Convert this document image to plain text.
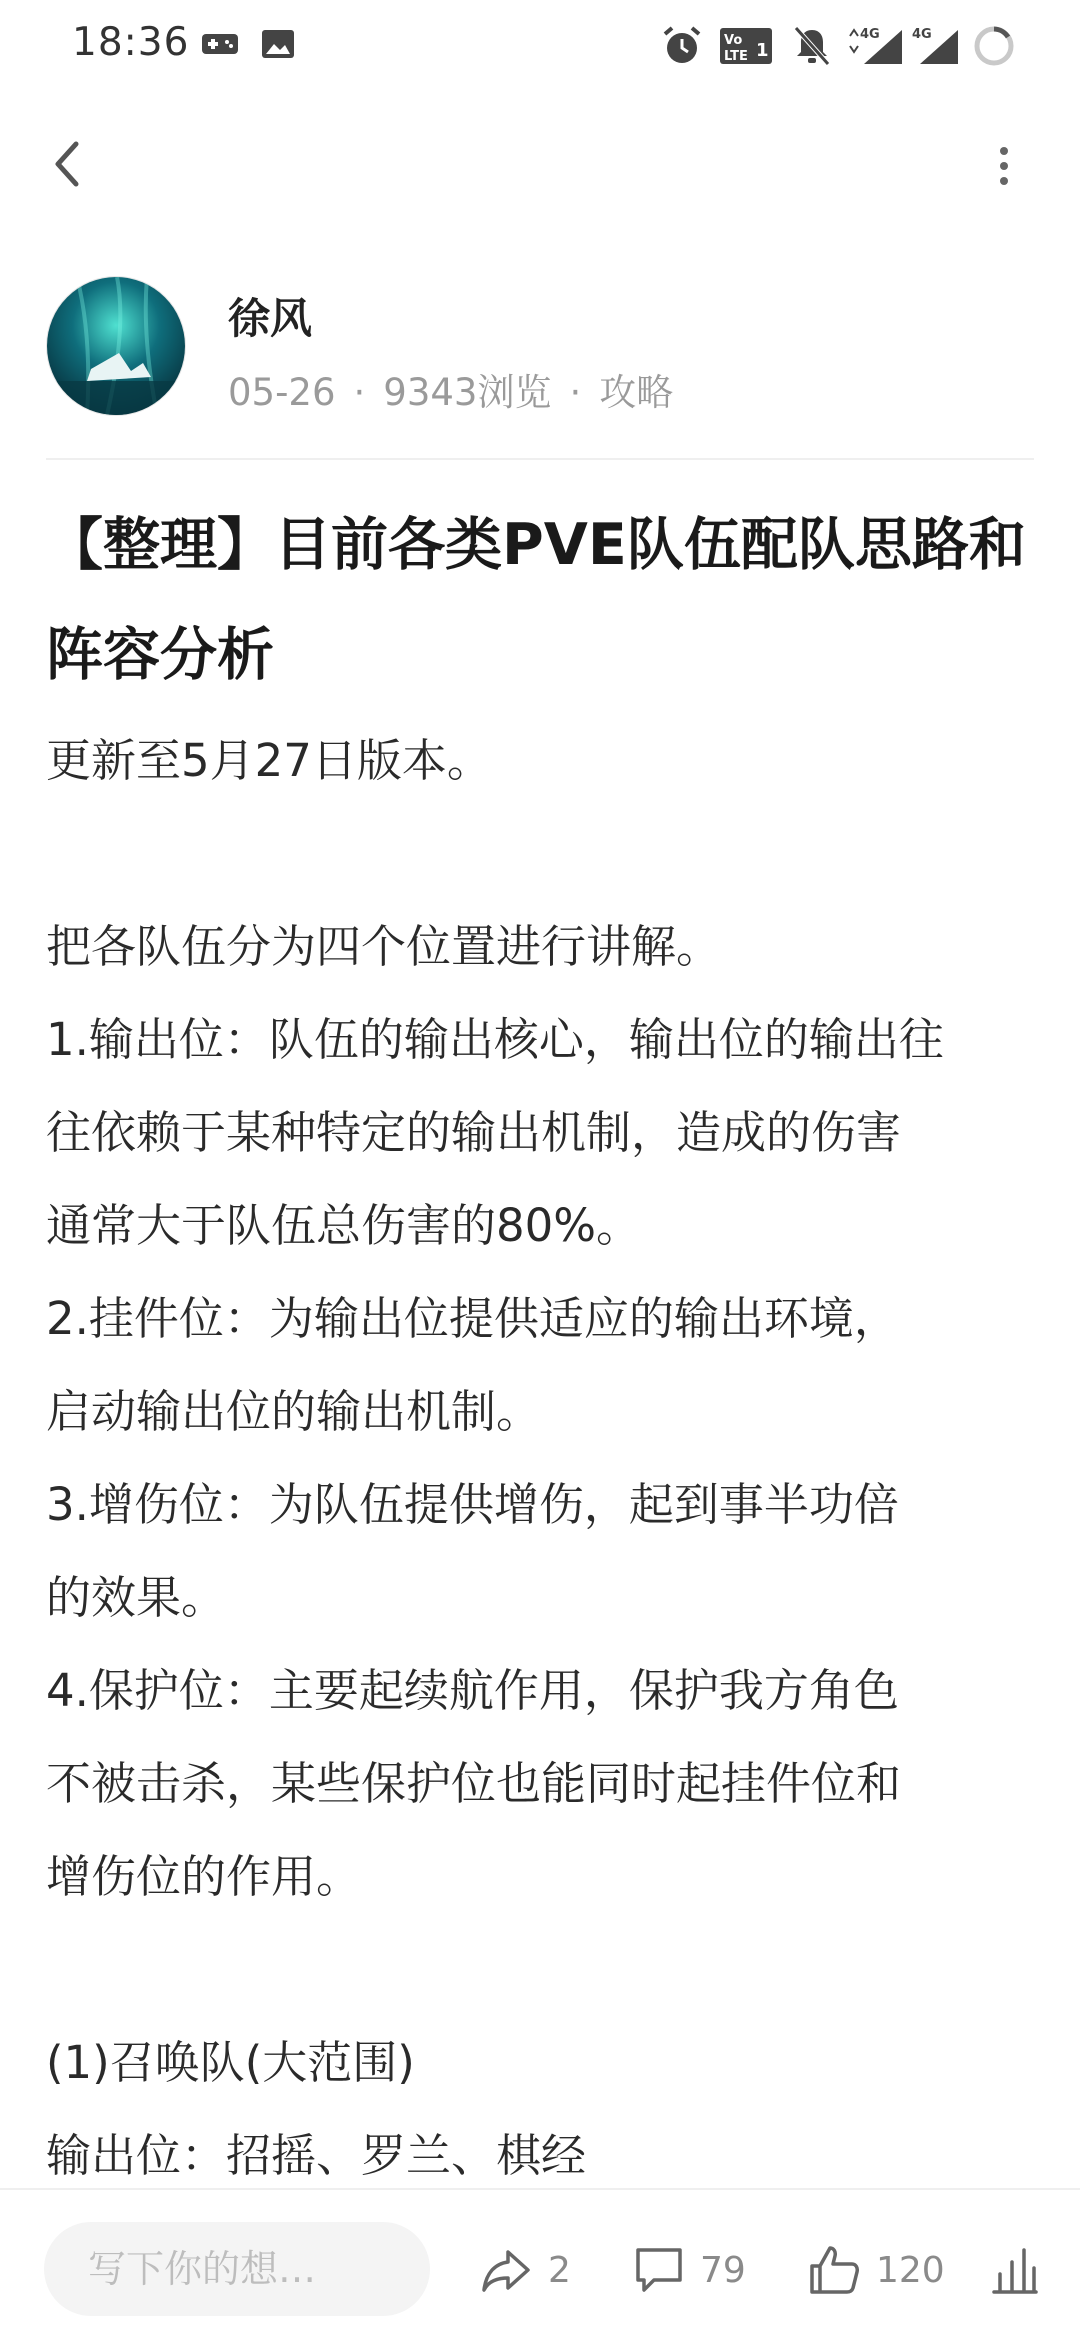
18:36	Vo
LTE 1
4G 4G
徐风
05-26 · 9343浏览 · 攻略
【整理】目前各类PVE队伍配队思路和阵容分析
更新至5月27日版本。
把各队伍分为四个位置进行讲解。
1.输出位：队伍的输出核心，输出位的输出往
往依赖于某种特定的输出机制，造成的伤害
通常大于队伍总伤害的80%。
2.挂件位：为输出位提供适应的输出环境，
启动输出位的输出机制。
3.增伤位：为队伍提供增伤，起到事半功倍
的效果。
4.保护位：主要起续航作用，保护我方角色
不被击杀，某些保护位也能同时起挂件位和
增伤位的作用。
(1)召唤队(大范围)
输出位：招摇、罗兰、棋经
写下你的想…
2	79	120
